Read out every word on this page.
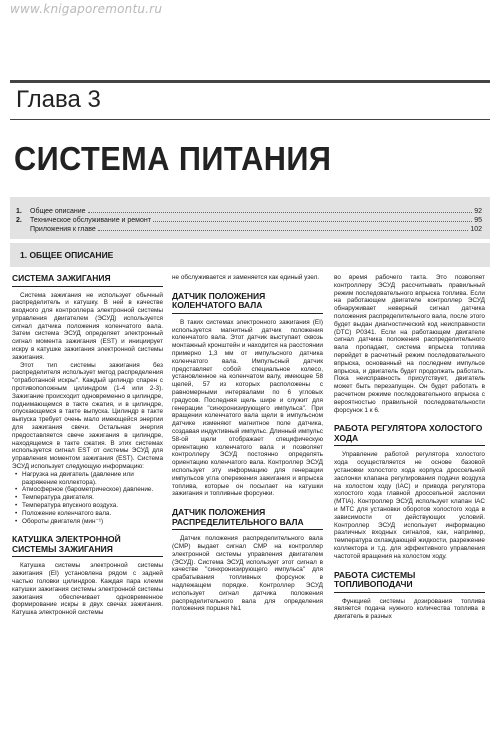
www.knigaporemontu.ru
Глава 3
СИСТЕМА ПИТАНИЯ
1.	Общее описание	92
2.	Техническое обслуживание и ремонт	95
Приложения к главе	102
1. ОБЩЕЕ ОПИСАНИЕ
СИСТЕМА ЗАЖИГАНИЯ

Система зажигания не использует обычный распределитель и катушку. В ней в качестве входного для контроллера электронной системы управления двигателем (ЭСУД) используется сигнал датчика положения коленчатого вала. Затем система ЭСУД определяет электронный сигнал момента зажигания (EST) и инициирует искру в катушке зажигания электронной системы зажигания.

Этот тип системы зажигания без распределителя использует метод распределения "отработанной искры". Каждый цилиндр спарен с противоположным цилиндром (1-4 или 2-3). Зажигание происходит одновременно в цилиндре, поднимающемся в такте сжатия, и в цилиндре, опускающемся в такте выпуска. Цилиндр в такте выпуска требует очень мало имеющейся энергии для зажигания свечи. Остальная энергия предоставляется свече зажигания в цилиндре, находящемся в такте сжатия. В этих системах используется сигнал EST от системы ЭСУД для управления моментом зажигания (EST). Система ЭСУД использует следующую информацию:

• Нагрузка на двигатель (давление или разряжение коллектора).
• Атмосферное (барометрическое) давление.
• Температура двигателя.
• Температура впускного воздуха.
• Положение коленчатого вала.
• Обороты двигателя (мин⁻¹)
КАТУШКА ЭЛЕКТРОННОЙ СИСТЕМЫ ЗАЖИГАНИЯ

Катушка системы электронной системы зажигания (EI) установлена рядом с задней частью головки цилиндров. Каждая пара клемм катушки зажигания системы электронной системы зажигания обеспечивает одновременное формирование искры в двух свечах зажигания. Катушка электронной системы

не обслуживается и заменяется как единый узел.

ДАТЧИК ПОЛОЖЕНИЯ КОЛЕНЧАТОГО ВАЛА

В таких системах электронного зажигания (EI) используется магнитный датчик положения коленчатого вала. Этот датчик выступает сквозь монтажный кронштейн и находится на расстоянии примерно 1,3 мм от импульсного датчика коленчатого вала. Импульсный датчик представляет собой специальное колесо, установленное на коленчатом валу, имеющее 58 щелей, 57 из которых расположены с равномерными интервалами по 6 угловых градусов. Последняя щель шире и служит для генерации "синхронизирующего импульса". При вращении коленчатого вала щели в импульсном датчике изменяют магнитное поле датчика, создавая индуктивный импульс. Длинный импульс 58-ой щели отображает специфическую ориентацию коленчатого вала и позволяет контроллеру ЭСУД постоянно определять ориентацию коленчатого вала. Контроллер ЭСУД использует эту информацию для генерации импульсов угла опережения зажигания и впрыска топлива, которые он посылает на катушки зажигания и топливные форсунки.

ДАТЧИК ПОЛОЖЕНИЯ РАСПРЕДЕЛИТЕЛЬНОГО ВАЛА

Датчик положения распределительного вала (CMP) выдает сигнал CMP на контроллер электронной системы управления двигателем (ЭСУД). Система ЭСУД использует этот сигнал в качестве "синхронизирующего импульса" для срабатывания топливных форсунок в надлежащем порядке. Контроллер ЭСУД использует сигнал датчика положения распределительного вала для определения положения поршня №1

во время рабочего такта. Это позволяет контроллеру ЭСУД рассчитывать правильный режим последовательного впрыска топлива. Если на работающем двигателе контроллер ЭСУД обнаруживает неверный сигнал датчика положения распределительного вала, после этого будет выдан диагностический код неисправности (DTC) P0341. Если на работающем двигателе сигнал датчика положения распределительного вала пропадает, система впрыска топлива перейдет в расчетный режим последовательного впрыска, основанный на последнем импульсе впрыска, и двигатель будет продолжать работать. Пока неисправность присутствует, двигатель может быть перезапущен. Он будет работать в расчетном режиме последовательного впрыска с вероятностью правильной последовательности форсунок 1 к 6.

РАБОТА РЕГУЛЯТОРА ХОЛОСТОГО ХОДА

Управление работой регулятора холостого хода осуществляется не основе базовой установки холостого хода корпуса дроссельной заслонки клапана регулирования подачи воздуха на холостом ходу (IAC) и привода регулятора холостого хода главной дроссельной заслонки (MTIA). Контроллер ЭСУД использует клапан IAC и МТС для установки оборотов холостого хода в зависимости от действующих условий. Контроллер ЭСУД использует информацию различных входных сигналов, как, например, температура охлаждающей жидкости, разрежение коллектора и т.д. для эффективного управления частотой вращения на холостом ходу.

РАБОТА СИСТЕМЫ ТОПЛИВОПОДАЧИ

Функцией системы дозирования топлива является подача нужного количества топлива в двигатель в разных
